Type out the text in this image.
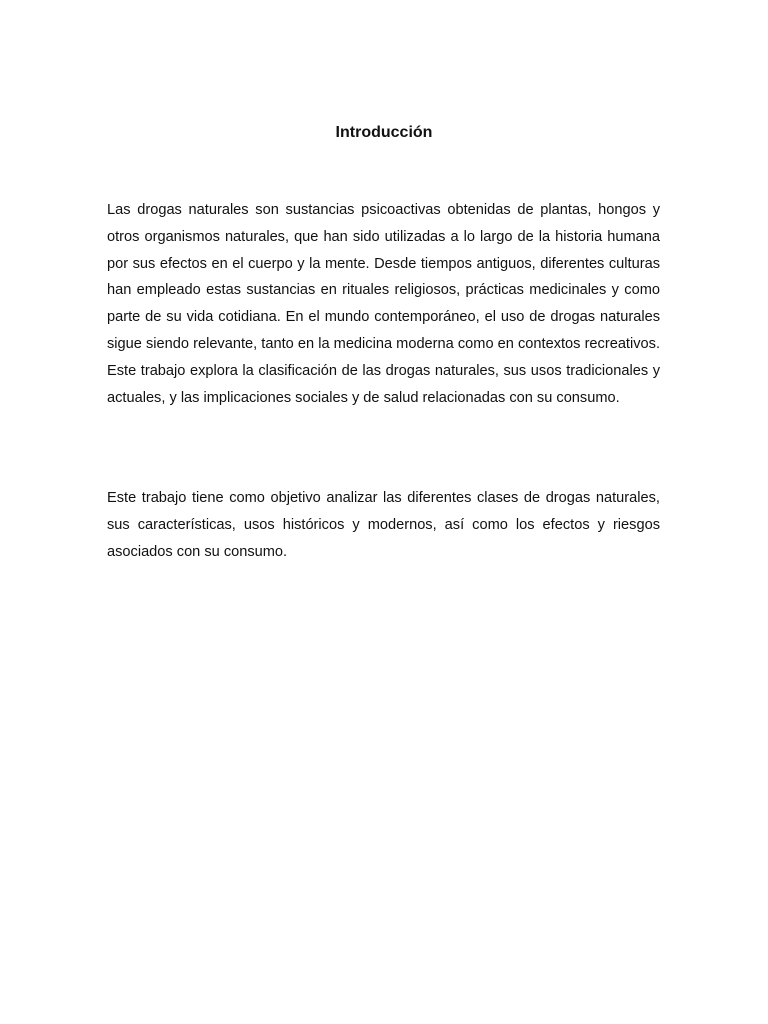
Introducción

Las drogas naturales son sustancias psicoactivas obtenidas de plantas, hongos y otros organismos naturales, que han sido utilizadas a lo largo de la historia humana por sus efectos en el cuerpo y la mente. Desde tiempos antiguos, diferentes culturas han empleado estas sustancias en rituales religiosos, prácticas medicinales y como parte de su vida cotidiana. En el mundo contemporáneo, el uso de drogas naturales sigue siendo relevante, tanto en la medicina moderna como en contextos recreativos. Este trabajo explora la clasificación de las drogas naturales, sus usos tradicionales y actuales, y las implicaciones sociales y de salud relacionadas con su consumo.

Este trabajo tiene como objetivo analizar las diferentes clases de drogas naturales, sus características, usos históricos y modernos, así como los efectos y riesgos asociados con su consumo.
